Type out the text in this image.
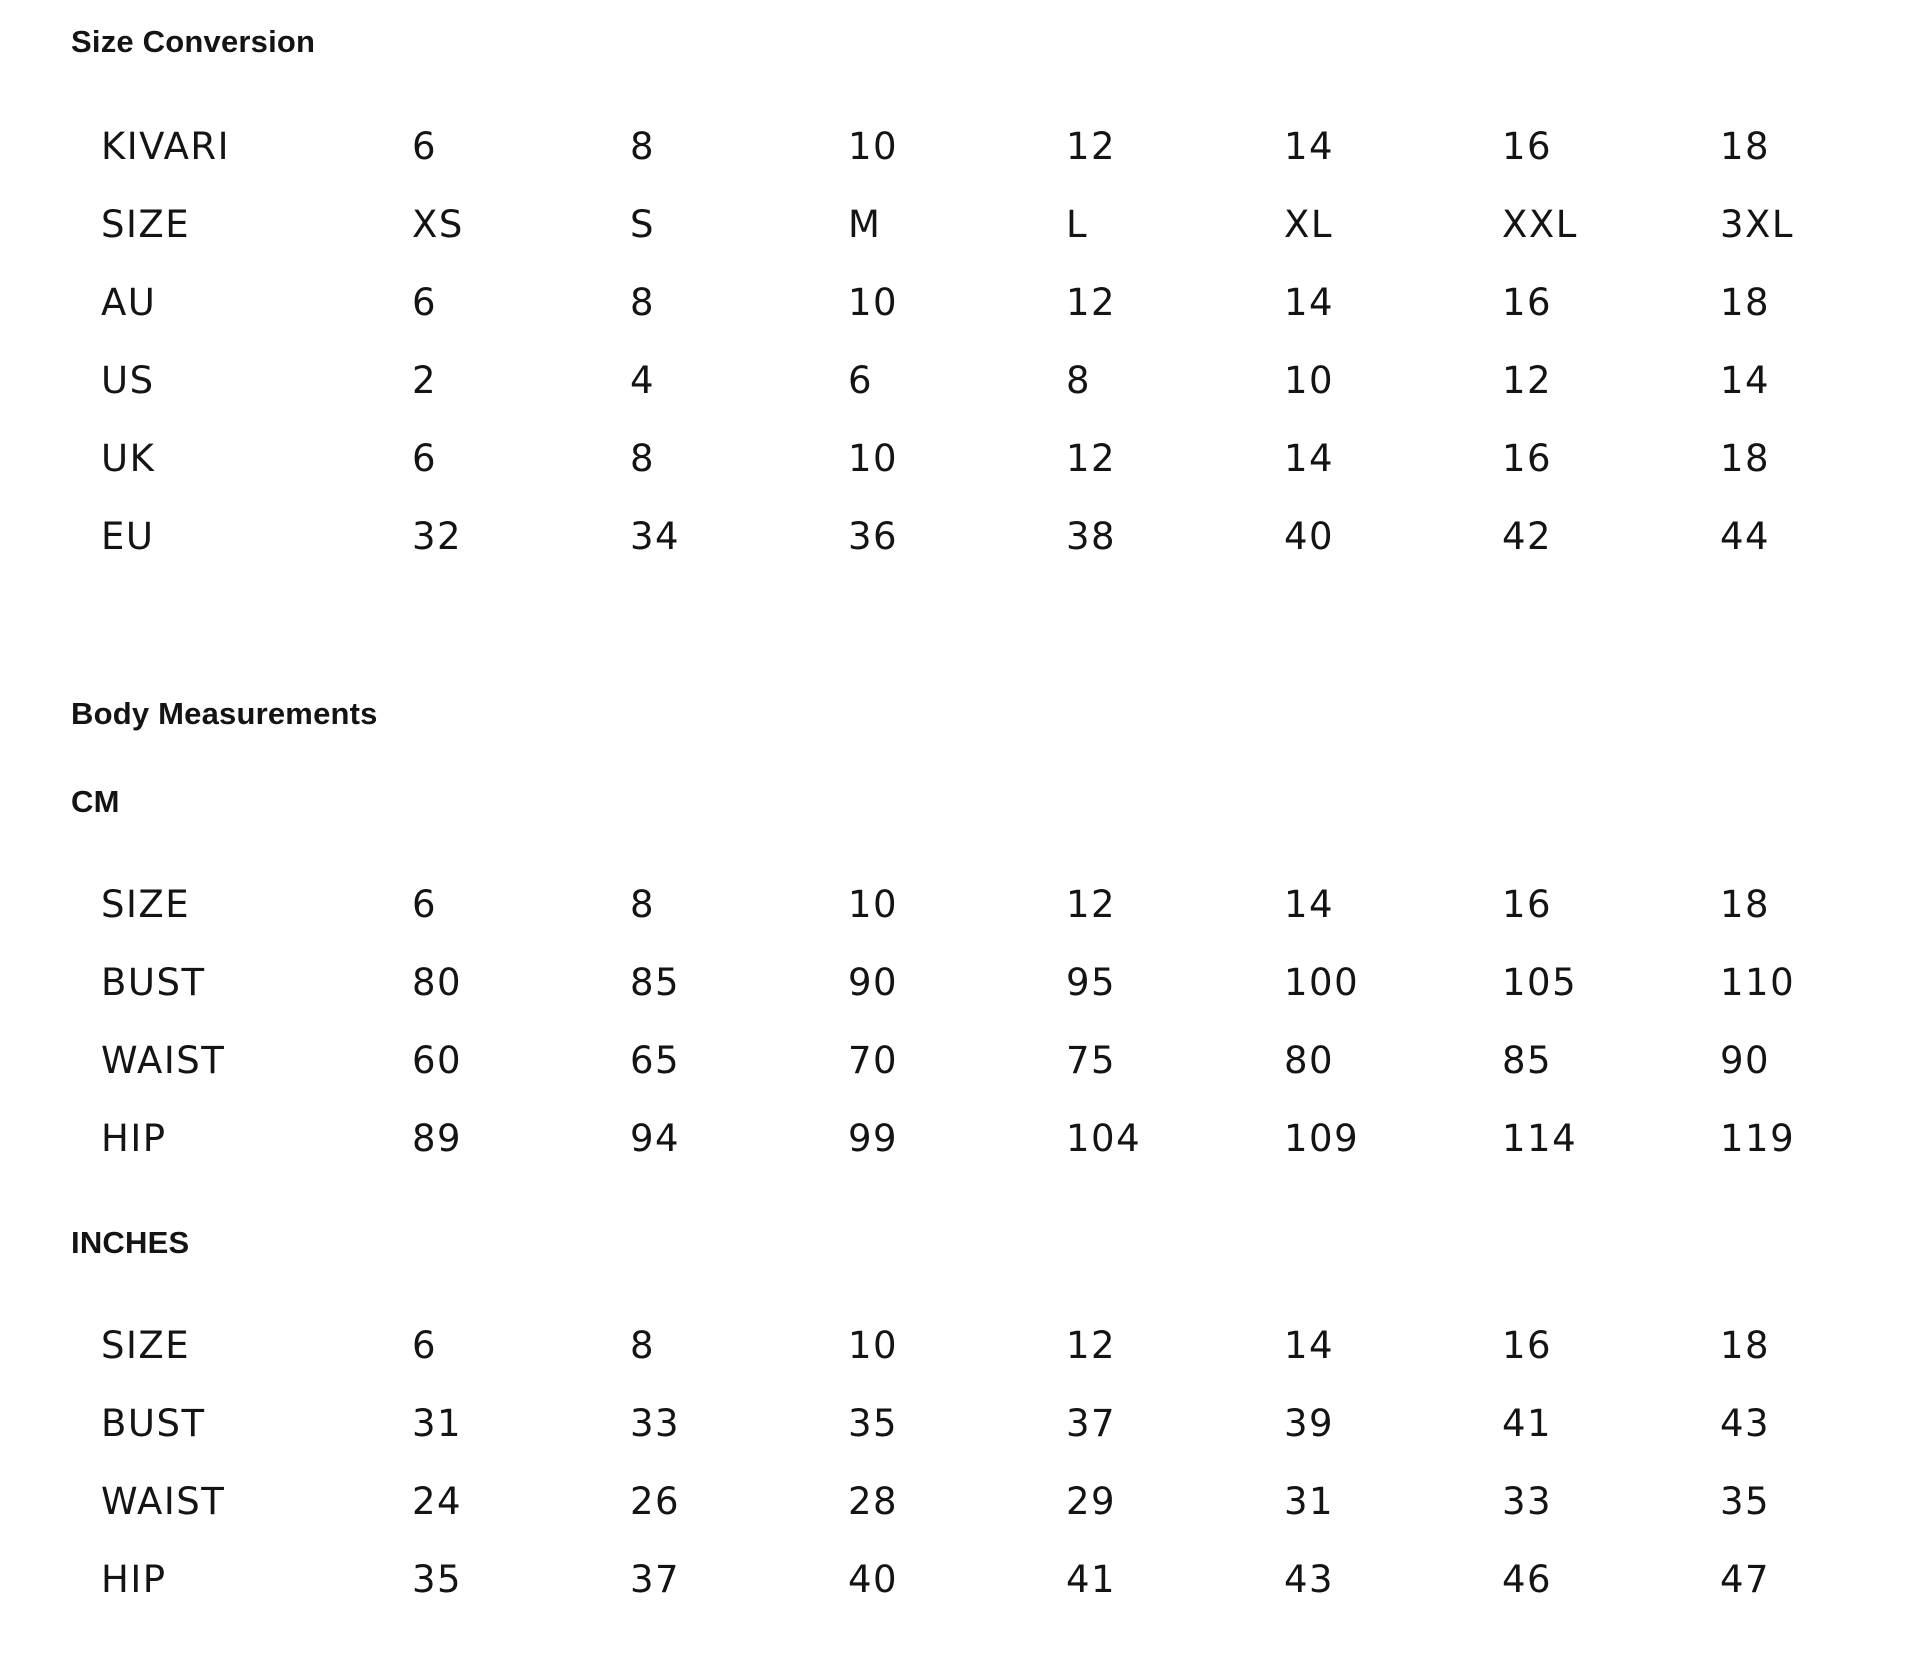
Size Conversion
KIVARI	6	8	10	12	14	16	18
SIZE	XS	S	M	L	XL	XXL	3XL
AU	6	8	10	12	14	16	18
US	2	4	6	8	10	12	14
UK	6	8	10	12	14	16	18
EU	32	34	36	38	40	42	44
Body Measurements
CM
SIZE	6	8	10	12	14	16	18
BUST	80	85	90	95	100	105	110
WAIST	60	65	70	75	80	85	90
HIP	89	94	99	104	109	114	119
INCHES
SIZE	6	8	10	12	14	16	18
BUST	31	33	35	37	39	41	43
WAIST	24	26	28	29	31	33	35
HIP	35	37	40	41	43	46	47
